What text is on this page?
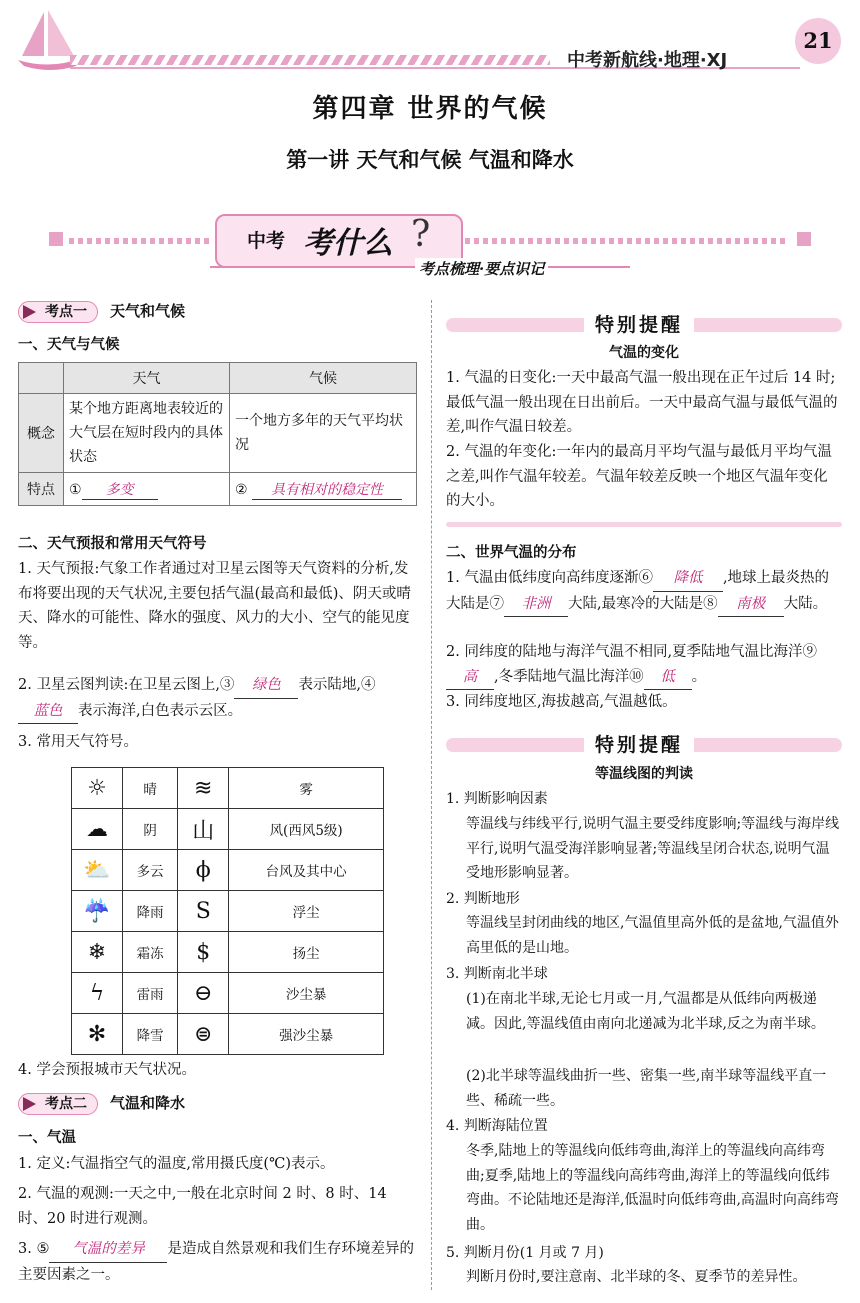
中考新航线·地理·XJ
21
第四章 世界的气候
第一讲 天气和气候 气温和降水
中考 考什么 ?
考点梳理·要点识记
考点一 天气和气候
一、天气与气候
	天气	气候
概念	某个地方距离地表较近的大气层在短时段内的具体状态	一个地方多年的天气平均状况
特点	① 多变	② 具有相对的稳定性
二、天气预报和常用天气符号
1. 天气预报:气象工作者通过对卫星云图等天气资料的分析,发布将要出现的天气状况,主要包括气温(最高和最低)、阴天或晴天、降水的可能性、降水的强度、风力的大小、空气的能见度等。
2. 卫星云图判读:在卫星云图上,③ 绿色 表示陆地,④蓝色 表示海洋,白色表示云区。
3. 常用天气符号。
☼	晴	≋	雾
☁	阴	山	风(西风5级)
⛅	多云	ϕ	台风及其中心
☔	降雨	S	浮尘
❄	霜冻	$	扬尘
ϟ	雷雨	⊖	沙尘暴
✻	降雪	⊜	强沙尘暴
4. 学会预报城市天气状况。
考点二 气温和降水
一、气温
1. 定义:气温指空气的温度,常用摄氏度(℃)表示。
2. 气温的观测:一天之中,一般在北京时间 2 时、8 时、14 时、20 时进行观测。
3. ⑤ 气温的差异 是造成自然景观和我们生存环境差异的主要因素之一。
特别提醒
气温的变化
1. 气温的日变化:一天中最高气温一般出现在正午过后 14 时;最低气温一般出现在日出前后。一天中最高气温与最低气温的差,叫作气温日较差。
2. 气温的年变化:一年内的最高月平均气温与最低月平均气温之差,叫作气温年较差。气温年较差反映一个地区气温年变化的大小。
二、世界气温的分布
1. 气温由低纬度向高纬度逐渐⑥ 降低 ,地球上最炎热的大陆是⑦ 非洲 大陆,最寒冷的大陆是⑧ 南极 大陆。
2. 同纬度的陆地与海洋气温不相同,夏季陆地气温比海洋⑨高 ,冬季陆地气温比海洋⑩ 低 。
3. 同纬度地区,海拔越高,气温越低。
特别提醒
等温线图的判读
1. 判断影响因素
等温线与纬线平行,说明气温主要受纬度影响;等温线与海岸线平行,说明气温受海洋影响显著;等温线呈闭合状态,说明气温受地形影响显著。
2. 判断地形
等温线呈封闭曲线的地区,气温值里高外低的是盆地,气温值外高里低的是山地。
3. 判断南北半球
(1)在南北半球,无论七月或一月,气温都是从低纬向两极递减。因此,等温线值由南向北递减为北半球,反之为南半球。
(2)北半球等温线曲折一些、密集一些,南半球等温线平直一些、稀疏一些。
4. 判断海陆位置
冬季,陆地上的等温线向低纬弯曲,海洋上的等温线向高纬弯曲;夏季,陆地上的等温线向高纬弯曲,海洋上的等温线向低纬弯曲。不论陆地还是海洋,低温时向低纬弯曲,高温时向高纬弯曲。
5. 判断月份(1 月或 7 月)
判断月份时,要注意南、北半球的冬、夏季节的差异性。
